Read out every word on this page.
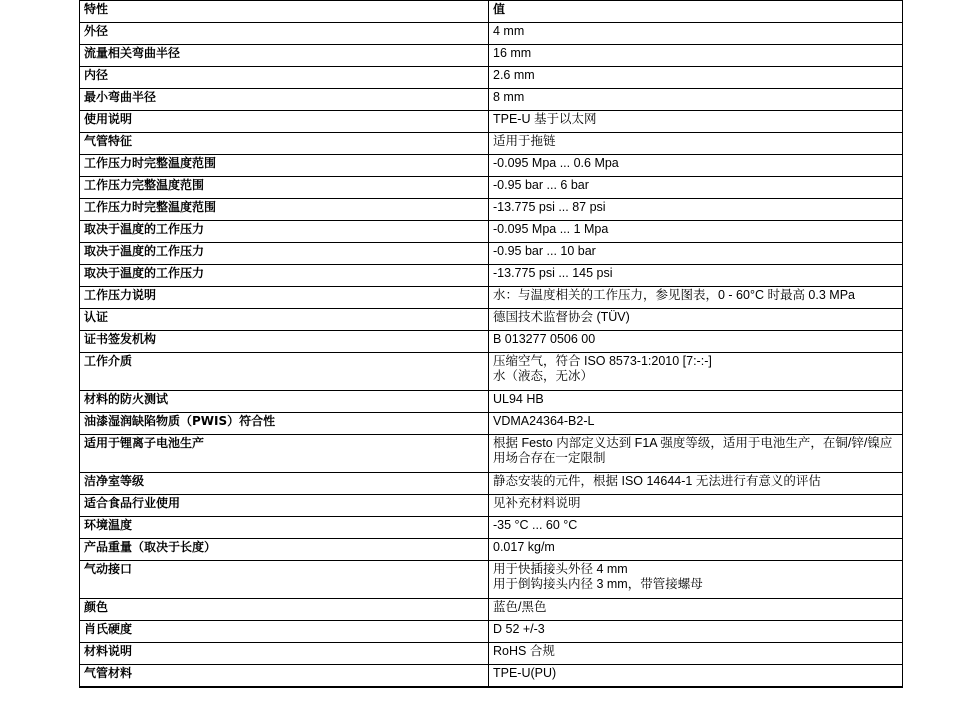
特性	值
外径	4 mm
流量相关弯曲半径	16 mm
内径	2.6 mm
最小弯曲半径	8 mm
使用说明	TPE-U 基于以太网
气管特征	适用于拖链
工作压力时完整温度范围	-0.095 Mpa ... 0.6 Mpa
工作压力完整温度范围	-0.95 bar ... 6 bar
工作压力时完整温度范围	-13.775 psi ... 87 psi
取决于温度的工作压力	-0.095 Mpa ... 1 Mpa
取决于温度的工作压力	-0.95 bar ... 10 bar
取决于温度的工作压力	-13.775 psi ... 145 psi
工作压力说明	水：与温度相关的工作压力，参见图表，0 - 60°C 时最高 0.3 MPa
认证	德国技术监督协会 (TÜV)
证书签发机构	B 013277 0506 00
工作介质	压缩空气，符合 ISO 8573-1:2010 [7:-:-]
水（液态，无冰）
材料的防火测试	UL94 HB
油漆湿润缺陷物质（PWIS）符合性	VDMA24364-B2-L
适用于锂离子电池生产	根据 Festo 内部定义达到 F1A 强度等级，适用于电池生产，在铜/锌/镍应用场合存在一定限制
洁净室等级	静态安装的元件，根据 ISO 14644-1 无法进行有意义的评估
适合食品行业使用	见补充材料说明
环境温度	-35 °C ... 60 °C
产品重量（取决于长度）	0.017 kg/m
气动接口	用于快插接头外径 4 mm
用于倒钩接头内径 3 mm，带管接螺母
颜色	蓝色/黑色
肖氏硬度	D 52 +/-3
材料说明	RoHS 合规
气管材料	TPE-U(PU)
